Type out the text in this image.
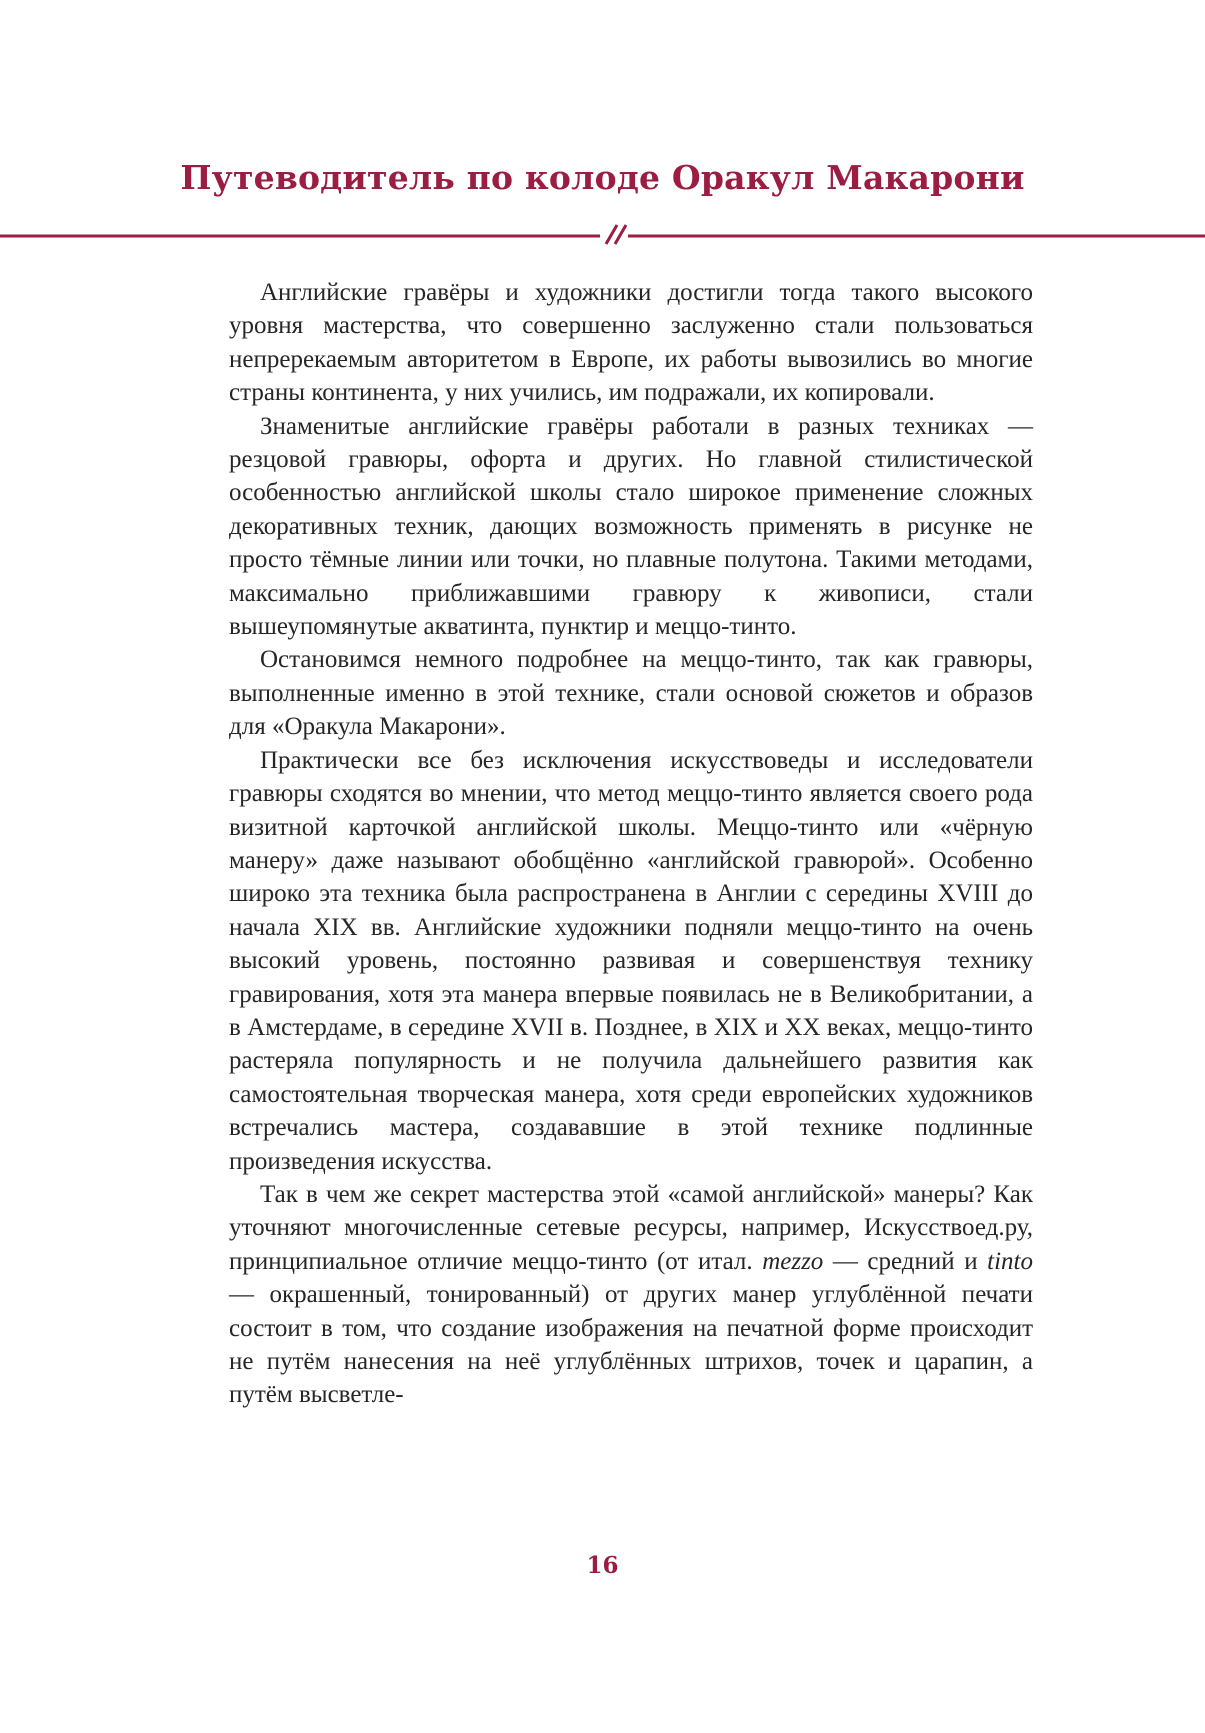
Путеводитель по колоде Оракул Макарони

Английские гравёры и художники достигли тогда такого высокого уровня мастерства, что совершенно заслуженно стали пользоваться непререкаемым авторитетом в Европе, их работы вывозились во многие страны континента, у них учились, им подражали, их копировали.

Знаменитые английские гравёры работали в разных техниках — резцовой гравюры, офорта и других. Но главной стилистической особенностью английской школы стало широкое применение сложных декоративных техник, дающих возможность применять в рисунке не просто тёмные линии или точки, но плавные полутона. Такими методами, максимально приближавшими гравюру к живописи, стали вышеупомянутые акватинта, пунктир и меццо-тинто.

Остановимся немного подробнее на меццо-тинто, так как гравюры, выполненные именно в этой технике, стали основой сюжетов и образов для «Оракула Макарони».

Практически все без исключения искусствоведы и исследователи гравюры сходятся во мнении, что метод меццо-тинто является своего рода визитной карточкой английской школы. Меццо-тинто или «чёрную манеру» даже называют обобщённо «английской гравюрой». Особенно широко эта техника была распространена в Англии с середины XVIII до начала XIX вв. Английские художники подняли меццо-тинто на очень высокий уровень, постоянно развивая и совершенствуя технику гравирования, хотя эта манера впервые появилась не в Великобритании, а в Амстердаме, в середине XVII в. Позднее, в XIX и XX веках, меццо-тинто растеряла популярность и не получила дальнейшего развития как самостоятельная творческая манера, хотя среди европейских художников встречались мастера, создававшие в этой технике подлинные произведения искусства.

Так в чем же секрет мастерства этой «самой английской» манеры? Как уточняют многочисленные сетевые ресурсы, например, Искусствоед.ру, принципиальное отличие меццо-тинто (от итал. mezzo — средний и tinto — окрашенный, тонированный) от других манер углублённой печати состоит в том, что создание изображения на печатной форме происходит не путём нанесения на неё углублённых штрихов, точек и царапин, а путём высветле-

16
